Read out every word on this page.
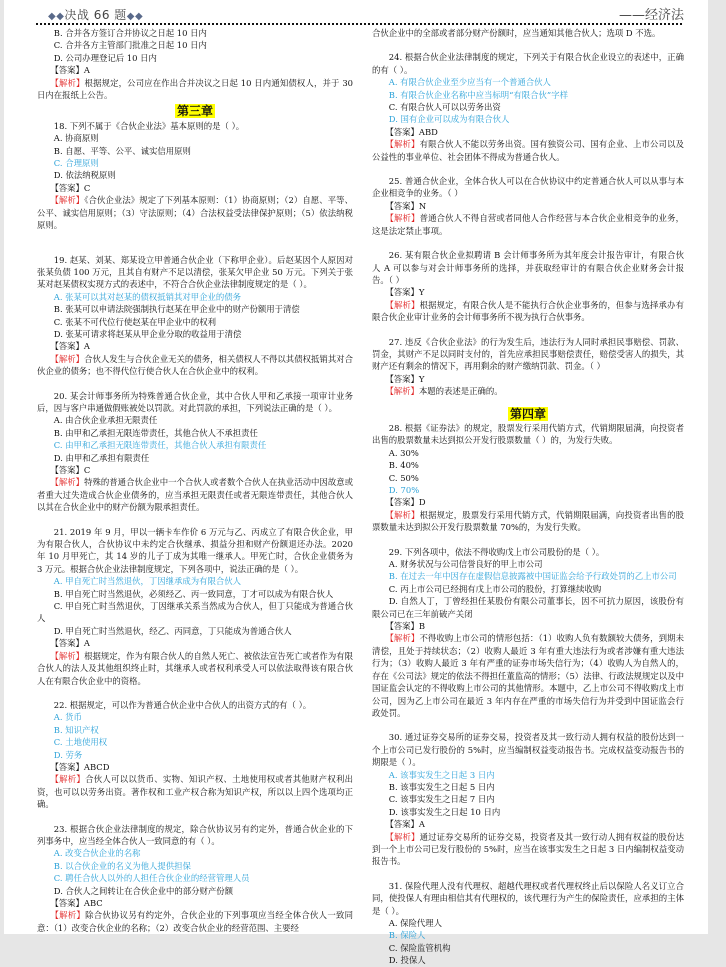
◆◆决战 66 题◆◆	——经济法

B. 合并各方签订合并协议之日起 10 日内

C. 合并各方主管部门批准之日起 10 日内

D. 公司办理登记后 10 日内

【答案】A

【解析】根据规定，公司应在作出合并决议之日起 10 日内通知债权人，并于 30 日内在报纸上公告。

第三章

18. 下列不属于《合伙企业法》基本原则的是（ ）。

A. 协商原则

B. 自愿、平等、公平、诚实信用原则

C. 合理原则

D. 依法纳税原则

【答案】C

【解析】《合伙企业法》规定了下列基本原则：（1）协商原则；（2）自愿、平等、公平、诚实信用原则；（3）守法原则；（4）合法权益受法律保护原则；（5）依法纳税原则。

19. 赵某、刘某、郑某设立甲普通合伙企业（下称甲企业）。后赵某因个人原因对张某负债 100 万元，且其自有财产不足以清偿，张某欠甲企业 50 万元。下列关于张某对赵某债权实现方式的表述中，不符合合伙企业法律制度规定的是（ ）。

A. 张某可以其对赵某的债权抵销其对甲企业的债务

B. 张某可以申请法院强制执行赵某在甲企业中的财产份额用于清偿

C. 张某不可代位行使赵某在甲企业中的权利

D. 张某可请求将赵某从甲企业分取的收益用于清偿

【答案】A

【解析】合伙人发生与合伙企业无关的债务，相关债权人不得以其债权抵销其对合伙企业的债务；也不得代位行使合伙人在合伙企业中的权利。

20. 某会计师事务所为特殊普通合伙企业，其中合伙人甲和乙承接一项审计业务后，因与客户串通做假账被处以罚款。对此罚款的承担，下列说法正确的是（ ）。

A. 由合伙企业承担无限责任

B. 由甲和乙承担无限连带责任，其他合伙人不承担责任

C. 由甲和乙承担无限连带责任，其他合伙人承担有限责任

D. 由甲和乙承担有限责任

【答案】C

【解析】特殊的普通合伙企业中一个合伙人或者数个合伙人在执业活动中因故意或者重大过失造成合伙企业债务的，应当承担无限责任或者无限连带责任，其他合伙人以其在合伙企业中的财产份额为限承担责任。

21. 2019 年 9 月，甲以一辆卡车作价 6 万元与乙、丙成立了有限合伙企业，甲为有限合伙人，合伙协议中未约定合伙继承、损益分担和财产份额退还办法。2020 年 10 月甲死亡，其 14 岁的儿子丁成为其唯一继承人。甲死亡时，合伙企业债务为 3 万元。根据合伙企业法律制度规定，下列各项中，说法正确的是（ ）。

A. 甲自死亡时当然退伙，丁因继承成为有限合伙人

B. 甲自死亡时当然退伙，必须经乙、丙一致同意，丁才可以成为有限合伙人

C. 甲自死亡时当然退伙，丁因继承关系当然成为合伙人，但丁只能成为普通合伙人

D. 甲自死亡时当然退伙，经乙、丙同意，丁只能成为普通合伙人

【答案】A

【解析】根据规定，作为有限合伙人的自然人死亡、被依法宣告死亡或者作为有限合伙人的法人及其他组织终止时，其继承人或者权利承受人可以依法取得该有限合伙人在有限合伙企业中的资格。

22. 根据规定，可以作为普通合伙企业中合伙人的出资方式的有（ ）。

A. 货币

B. 知识产权

C. 土地使用权

D. 劳务

【答案】ABCD

【解析】合伙人可以以货币、实物、知识产权、土地使用权或者其他财产权利出资，也可以以劳务出资。著作权和工业产权合称为知识产权，所以以上四个选项均正确。

23. 根据合伙企业法律制度的规定，除合伙协议另有约定外，普通合伙企业的下列事务中，应当经全体合伙人一致同意的有（ ）。

A. 改变合伙企业的名称

B. 以合伙企业的名义为他人提供担保

C. 聘任合伙人以外的人担任合伙企业的经营管理人员

D. 合伙人之间转让在合伙企业中的部分财产份额

【答案】ABC

【解析】除合伙协议另有约定外，合伙企业的下列事项应当经全体合伙人一致同意：（1）改变合伙企业的名称；（2）改变合伙企业的经营范围、主要经

合伙企业中的全部或者部分财产份额时，应当通知其他合伙人；选项 D 不选。

24. 根据合伙企业法律制度的规定，下列关于有限合伙企业设立的表述中，正确的有（ ）。

A. 有限合伙企业至少应当有一个普通合伙人

B. 有限合伙企业名称中应当标明“有限合伙”字样

C. 有限合伙人可以以劳务出资

D. 国有企业可以成为有限合伙人

【答案】ABD

【解析】有限合伙人不能以劳务出资。国有独资公司、国有企业、上市公司以及公益性的事业单位、社会团体不得成为普通合伙人。

25. 普通合伙企业，全体合伙人可以在合伙协议中约定普通合伙人可以从事与本企业相竞争的业务。（ ）

【答案】N

【解析】普通合伙人不得自营或者同他人合作经营与本合伙企业相竞争的业务，这是法定禁止事项。

26. 某有限合伙企业拟聘请 B 会计师事务所为其年度会计报告审计，有限合伙人 A 可以参与对会计师事务所的选择，并获取经审计的有限合伙企业财务会计报告。（ ）

【答案】Y

【解析】根据规定，有限合伙人是不能执行合伙企业事务的，但参与选择承办有限合伙企业审计业务的会计师事务所不视为执行合伙事务。

27. 违反《合伙企业法》的行为发生后，违法行为人同时承担民事赔偿、罚款、罚金，其财产不足以同时支付的，首先应承担民事赔偿责任，赔偿受害人的损失，其财产还有剩余的情况下，再用剩余的财产缴纳罚款、罚金。（ ）

【答案】Y

【解析】本题的表述是正确的。

第四章

28. 根据《证券法》的规定，股票发行采用代销方式，代销期限届满，向投资者出售的股票数量未达到拟公开发行股票数量（ ）的，为发行失败。

A. 30%

B. 40%

C. 50%

D. 70%

【答案】D

【解析】根据规定，股票发行采用代销方式，代销期限届满，向投资者出售的股票数量未达到拟公开发行股票数量 70%的，为发行失败。

29. 下列各项中，依法不得收购戊上市公司股份的是（ ）。

A. 财务状况与公司信誉良好的甲上市公司

B. 在过去一年中因存在虚假信息披露被中国证监会给予行政处罚的乙上市公司

C. 丙上市公司已经拥有戊上市公司的股份，打算继续收购

D. 自然人丁，丁曾经担任某股份有限公司董事长，因不可抗力原因，该股份有限公司已在三年前破产关闭

【答案】B

【解析】不得收购上市公司的情形包括：（1）收购人负有数额较大债务，到期未清偿，且处于持续状态；（2）收购人最近 3 年有重大违法行为或者涉嫌有重大违法行为；（3）收购人最近 3 年有严重的证券市场失信行为；（4）收购人为自然人的，存在《公司法》规定的依法不得担任董监高的情形；（5）法律、行政法规规定以及中国证监会认定的不得收购上市公司的其他情形。本题中，乙上市公司不得收购戊上市公司，因为乙上市公司在最近 3 年内存在严重的市场失信行为并受到中国证监会行政处罚。

30. 通过证券交易所的证券交易，投资者及其一致行动人拥有权益的股份达到一个上市公司已发行股份的 5%时，应当编制权益变动报告书。完成权益变动报告书的期限是（ ）。

A. 该事实发生之日起 3 日内

B. 该事实发生之日起 5 日内

C. 该事实发生之日起 7 日内

D. 该事实发生之日起 10 日内

【答案】A

【解析】通过证券交易所的证券交易，投资者及其一致行动人拥有权益的股份达到一个上市公司已发行股份的 5%时，应当在该事实发生之日起 3 日内编制权益变动报告书。

31. 保险代理人没有代理权、超越代理权或者代理权终止后以保险人名义订立合同，使投保人有理由相信其有代理权的，该代理行为产生的保险责任，应承担的主体是（ ）。

A. 保险代理人

B. 保险人

C. 保险监管机构

D. 投保人
